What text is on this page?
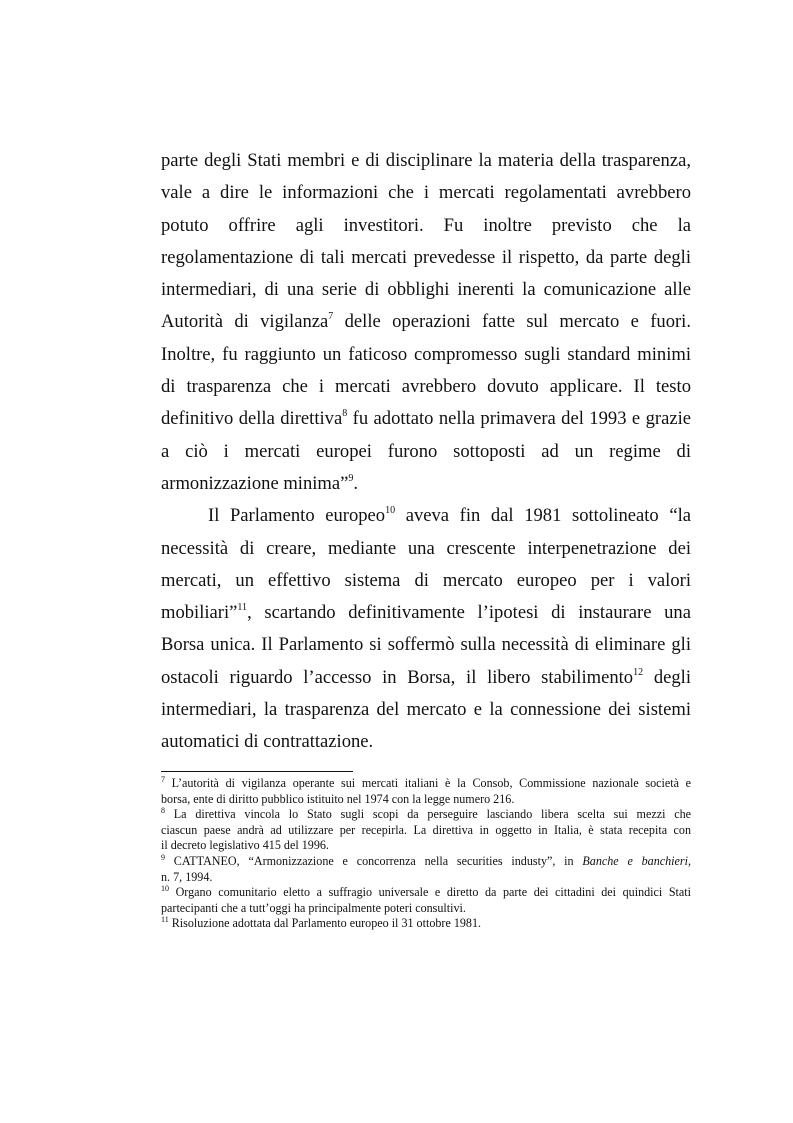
parte degli Stati membri e di disciplinare la materia della trasparenza,
vale a dire le informazioni che i mercati regolamentati avrebbero
potuto offrire agli investitori. Fu inoltre previsto che la
regolamentazione di tali mercati prevedesse il rispetto, da parte degli
intermediari, di una serie di obblighi inerenti la comunicazione alle
Autorità di vigilanza$^7$ delle operazioni fatte sul mercato e fuori.
Inoltre, fu raggiunto un faticoso compromesso sugli standard minimi
di trasparenza che i mercati avrebbero dovuto applicare. Il testo
definitivo della direttiva$^8$ fu adottato nella primavera del 1993 e grazie
a ciò i mercati europei furono sottoposti ad un regime di
armonizzazione minima”$^9$.
Il Parlamento europeo$^{10}$ aveva fin dal 1981 sottolineato “la
necessità di creare, mediante una crescente interpenetrazione dei
mercati, un effettivo sistema di mercato europeo per i valori
mobiliari”$^{11}$, scartando definitivamente l’ipotesi di instaurare una
Borsa unica. Il Parlamento si soffermò sulla necessità di eliminare gli
ostacoli riguardo l’accesso in Borsa, il libero stabilimento$^{12}$ degli
intermediari, la trasparenza del mercato e la connessione dei sistemi
automatici di contrattazione.
$^7$ L’autorità di vigilanza operante sui mercati italiani è la Consob, Commissione nazionale società e
borsa, ente di diritto pubblico istituito nel 1974 con la legge numero 216.
$^8$ La direttiva vincola lo Stato sugli scopi da perseguire lasciando libera scelta sui mezzi che
ciascun paese andrà ad utilizzare per recepirla. La direttiva in oggetto in Italia, è stata recepita con
il decreto legislativo 415 del 1996.
$^9$ CATTANEO, “Armonizzazione e concorrenza nella securities industy”, in Banche e banchieri,
n. 7, 1994.
$^{10}$ Organo comunitario eletto a suffragio universale e diretto da parte dei cittadini dei quindici Stati
partecipanti che a tutt’oggi ha principalmente poteri consultivi.
$^{11}$ Risoluzione adottata dal Parlamento europeo il 31 ottobre 1981.
